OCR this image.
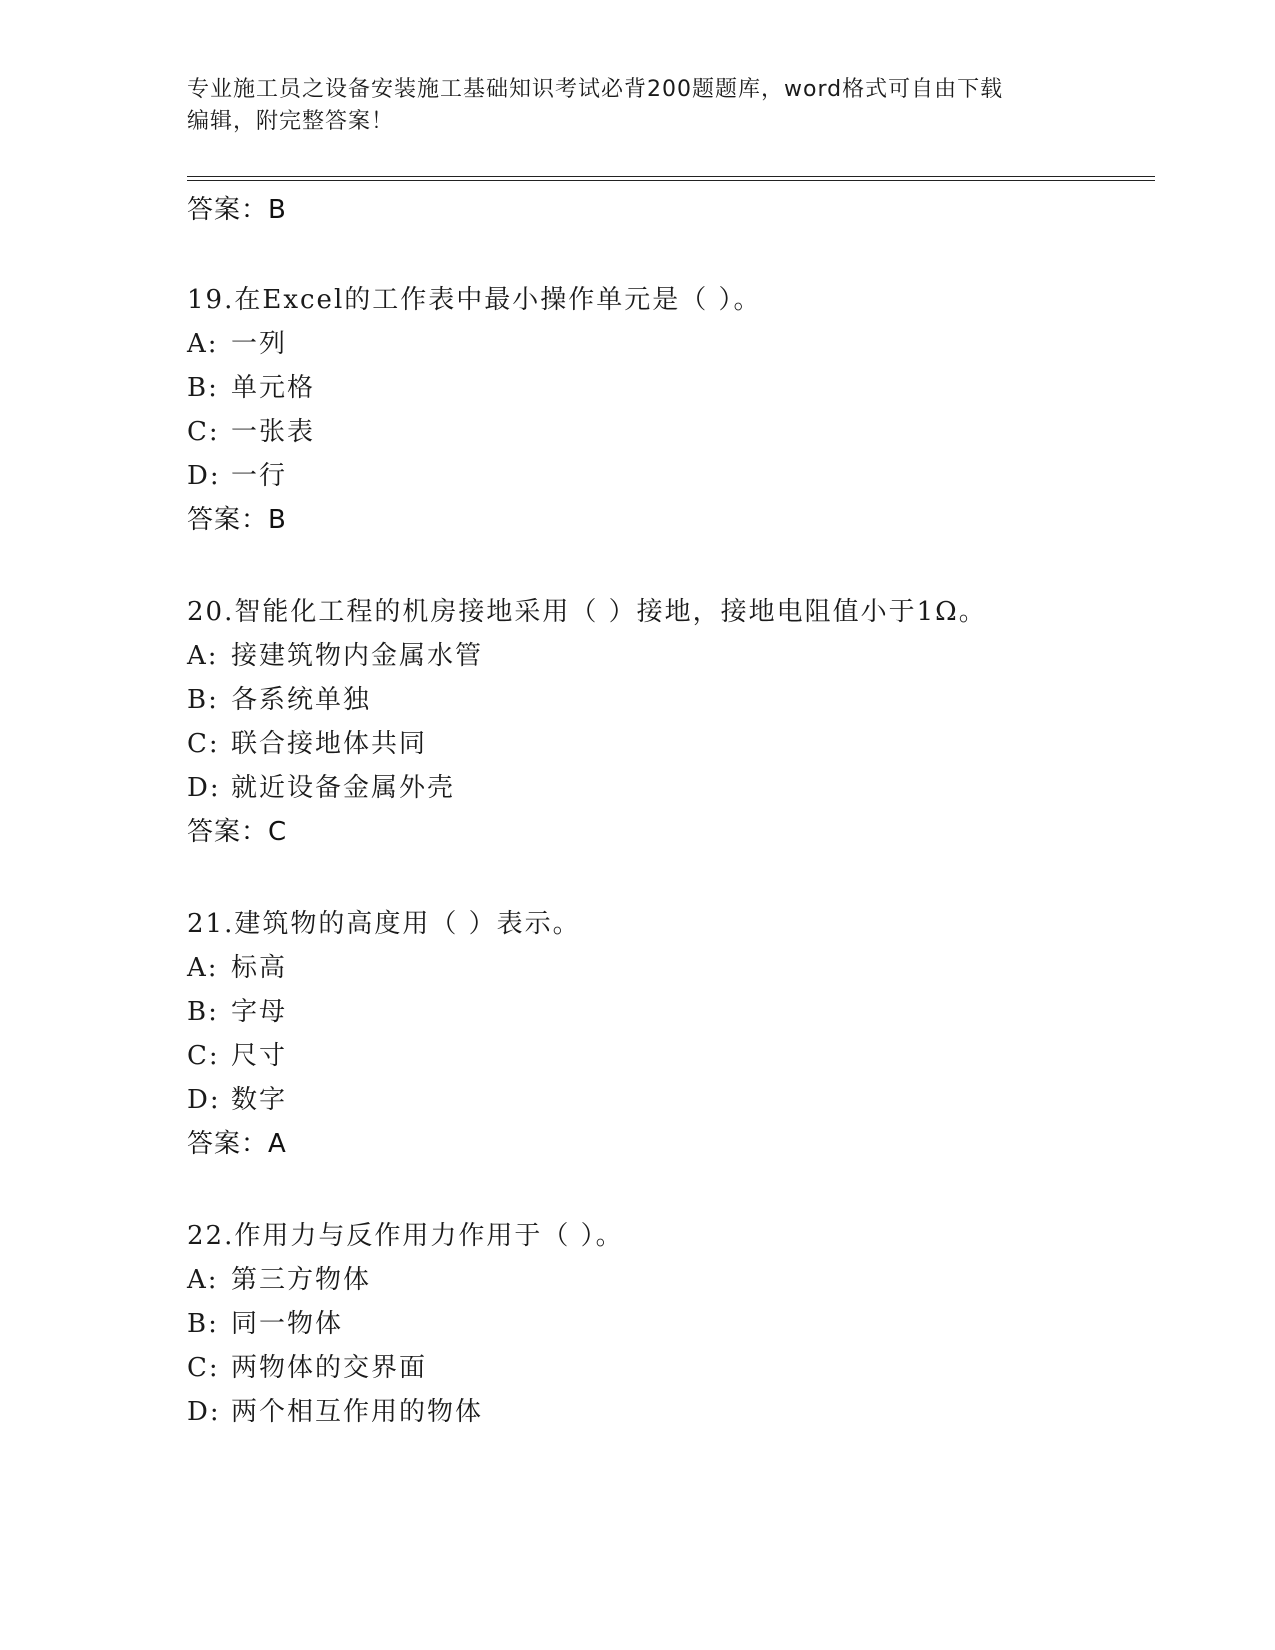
专业施工员之设备安装施工基础知识考试必背200题题库，word格式可自由下载
编辑，附完整答案！
答案：B
19.在Excel的工作表中最小操作单元是（ ）。
A: 一列
B: 单元格
C: 一张表
D: 一行
答案：B
20.智能化工程的机房接地采用（ ）接地，接地电阻值小于1Ω。
A: 接建筑物内金属水管
B: 各系统单独
C: 联合接地体共同
D: 就近设备金属外壳
答案：C
21.建筑物的高度用（ ）表示。
A: 标高
B: 字母
C: 尺寸
D: 数字
答案：A
22.作用力与反作用力作用于（ ）。
A: 第三方物体
B: 同一物体
C: 两物体的交界面
D: 两个相互作用的物体
